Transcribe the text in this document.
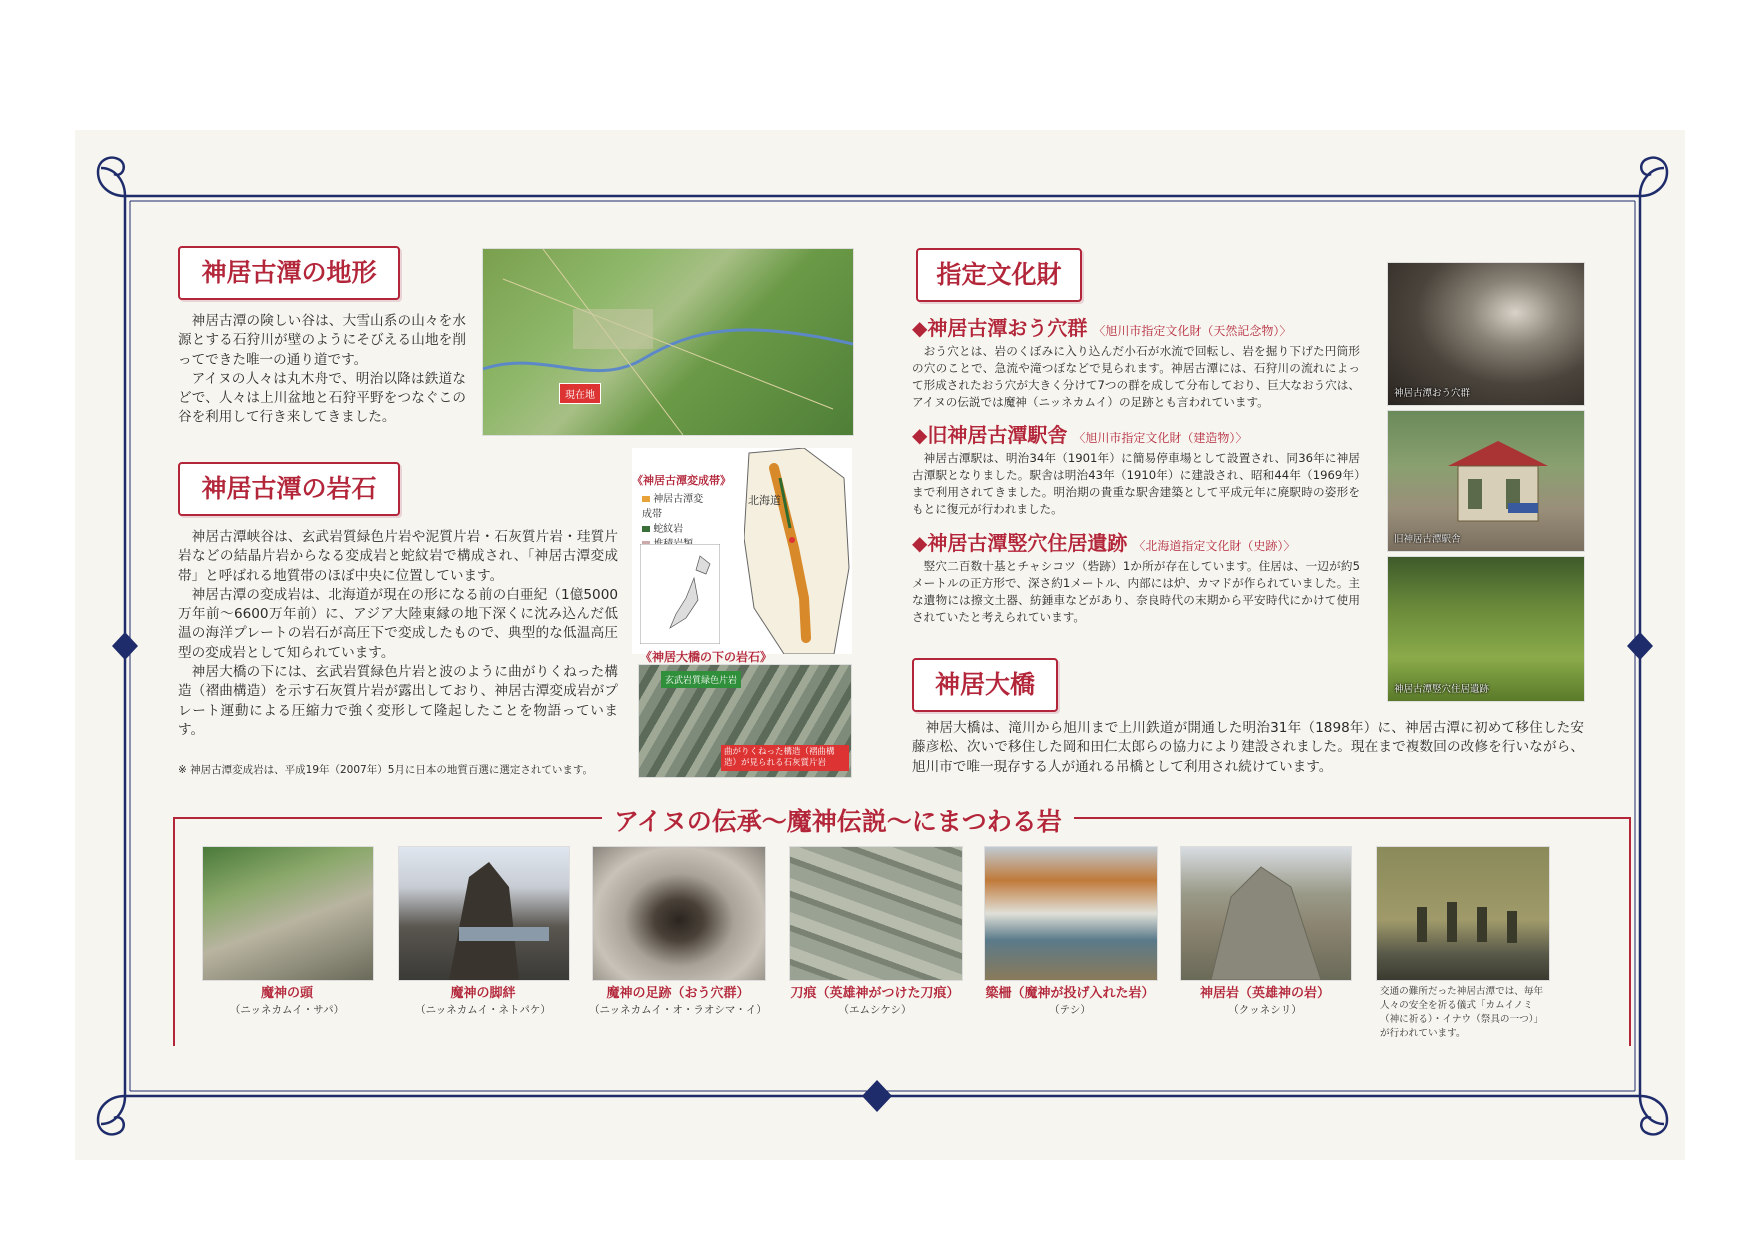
神居古潭の地形

神居古潭の険しい谷は、大雪山系の山々を水源とする石狩川が壁のようにそびえる山地を削ってできた唯一の通り道です。

アイヌの人々は丸木舟で、明治以降は鉄道などで、人々は上川盆地と石狩平野をつなぐこの谷を利用して行き来してきました。

現在地
神居古潭の岩石

神居古潭峡谷は、玄武岩質緑色片岩や泥質片岩・石灰質片岩・珪質片岩などの結晶片岩からなる変成岩と蛇紋岩で構成され、「神居古潭変成帯」と呼ばれる地質帯のほぼ中央に位置しています。

神居古潭の変成岩は、北海道が現在の形になる前の白亜紀（1億5000万年前～6600万年前）に、アジア大陸東縁の地下深くに沈み込んだ低温の海洋プレートの岩石が高圧下で変成したもので、典型的な低温高圧型の変成岩として知られています。

神居大橋の下には、玄武岩質緑色片岩と波のように曲がりくねった構造（褶曲構造）を示す石灰質片岩が露出しており、神居古潭変成岩がプレート運動による圧縮力で強く変形して隆起したことを物語っています。

※ 神居古潭変成岩は、平成19年（2007年）5月に日本の地質百選に選定されています。
《神居古潭変成帯》
神居古潭変成帯
蛇紋岩
北海道
《神居大橋の下の岩石》
玄武岩質緑色片岩
曲がりくねった構造（褶曲構造）が見られる石灰質片岩
指定文化財
◆神居古潭おう穴群 〈旭川市指定文化財（天然記念物）〉

おう穴とは、岩のくぼみに入り込んだ小石が水流で回転し、岩を掘り下げた円筒形の穴のことで、急流や滝つぼなどで見られます。神居古潭には、石狩川の流れによって形成されたおう穴が大きく分けて7つの群を成して分布しており、巨大なおう穴は、アイヌの伝説では魔神（ニッネカムイ）の足跡とも言われています。

◆旧神居古潭駅舎 〈旭川市指定文化財（建造物）〉

神居古潭駅は、明治34年（1901年）に簡易停車場として設置され、同36年に神居古潭駅となりました。駅舎は明治43年（1910年）に建設され、昭和44年（1969年）まで利用されてきました。明治期の貴重な駅舎建築として平成元年に廃駅時の姿形をもとに復元が行われました。

◆神居古潭竪穴住居遺跡 〈北海道指定文化財（史跡）〉

竪穴二百数十基とチャシコツ（砦跡）1か所が存在しています。住居は、一辺が約5メートルの正方形で、深さ約1メートル、内部には炉、カマドが作られていました。主な遺物には擦文土器、紡錘車などがあり、奈良時代の末期から平安時代にかけて使用されていたと考えられています。

神居古潭おう穴群
旧神居古潭駅舎
神居古潭竪穴住居遺跡
神居大橋

神居大橋は、滝川から旭川まで上川鉄道が開通した明治31年（1898年）に、神居古潭に初めて移住した安藤彦松、次いで移住した岡和田仁太郎らの協力により建設されました。現在まで複数回の改修を行いながら、旭川市で唯一現存する人が通れる吊橋として利用され続けています。

アイヌの伝承～魔神伝説～にまつわる岩
魔神の頭
（ニッネカムイ・サパ）
魔神の脚絆
（ニッネカムイ・ネトパケ）
魔神の足跡（おう穴群）
（ニッネカムイ・オ・ラオシマ・イ）
刀痕（英雄神がつけた刀痕）
（エムシケシ）
簗柵（魔神が投げ入れた岩）
（テシ）
神居岩（英雄神の岩）
（クッネシリ）
交通の難所だった神居古潭では、毎年人々の安全を祈る儀式「カムイノミ（神に祈る）・イナウ（祭具の一つ）」が行われています。
